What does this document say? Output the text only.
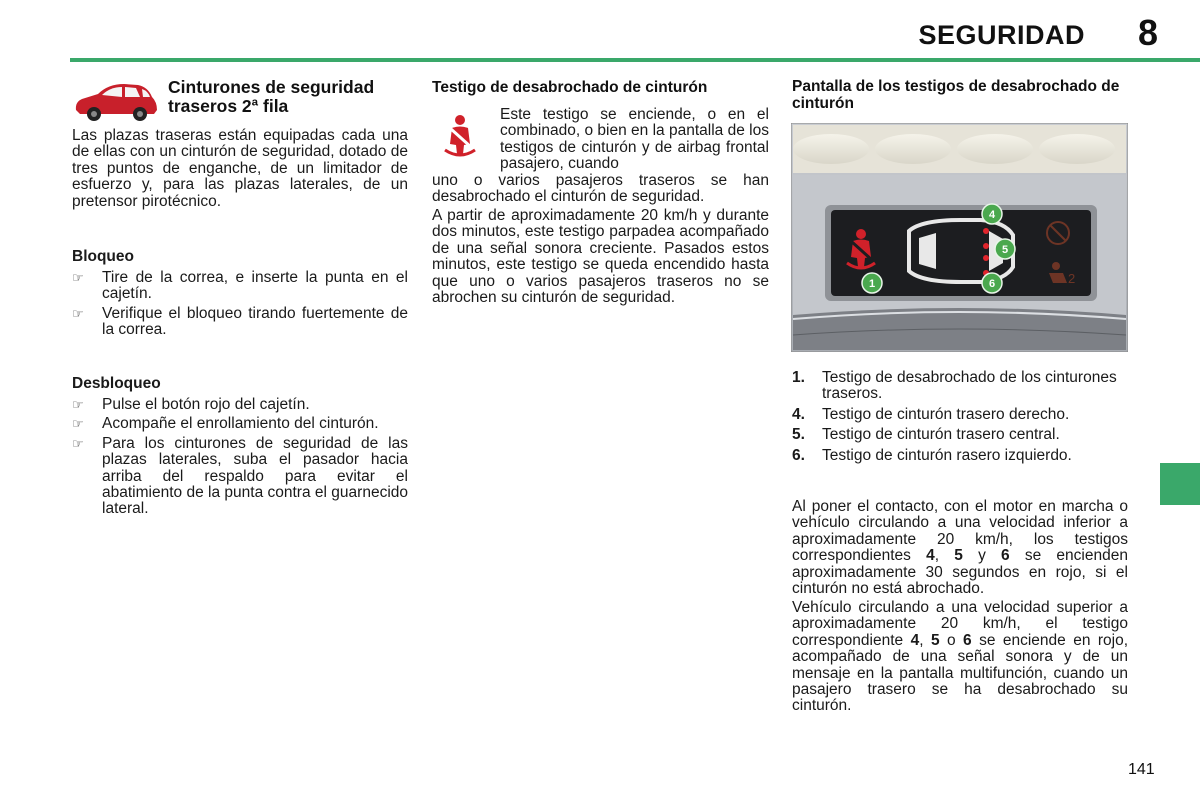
SEGURIDAD 8
Cinturones de seguridad traseros 2ª fila

Las plazas traseras están equipadas cada una de ellas con un cinturón de seguridad, dotado de tres puntos de enganche, de un limitador de esfuerzo y, para las plazas laterales, de un pretensor pirotécnico.

Bloqueo
☞ Tire de la correa, e inserte la punta en el cajetín.
☞ Verifique el bloqueo tirando fuertemente de la correa.
Desbloqueo
☞ Pulse el botón rojo del cajetín.
☞ Acompañe el enrollamiento del cinturón.
☞ Para los cinturones de seguridad de las plazas laterales, suba el pasador hacia arriba del respaldo para evitar el abatimiento de la punta contra el guarnecido lateral.
Testigo de desabrochado de cinturón

Este testigo se enciende, o en el combinado, o bien en la pantalla de los testigos de cinturón y de airbag frontal pasajero, cuando

uno o varios pasajeros traseros se han desabrochado el cinturón de seguridad.

A partir de aproximadamente 20 km/h y durante dos minutos, este testigo parpadea acompañado de una señal sonora creciente. Pasados estos minutos, este testigo se queda encendido hasta que uno o varios pasajeros traseros no se abrochen su cinturón de seguridad.

Pantalla de los testigos de desabrochado de cinturón
2
1
4
5
6
1. Testigo de desabrochado de los cinturones traseros.
4. Testigo de cinturón trasero derecho.
5. Testigo de cinturón trasero central.
6. Testigo de cinturón rasero izquierdo.

Al poner el contacto, con el motor en marcha o vehículo circulando a una velocidad inferior a aproximadamente 20 km/h, los testigos correspondientes 4, 5 y 6 se encienden aproximadamente 30 segundos en rojo, si el cinturón no está abrochado.

Vehículo circulando a una velocidad superior a aproximadamente 20 km/h, el testigo correspondiente 4, 5 o 6 se enciende en rojo, acompañado de una señal sonora y de un mensaje en la pantalla multifunción, cuando un pasajero trasero se ha desabrochado su cinturón.

141
